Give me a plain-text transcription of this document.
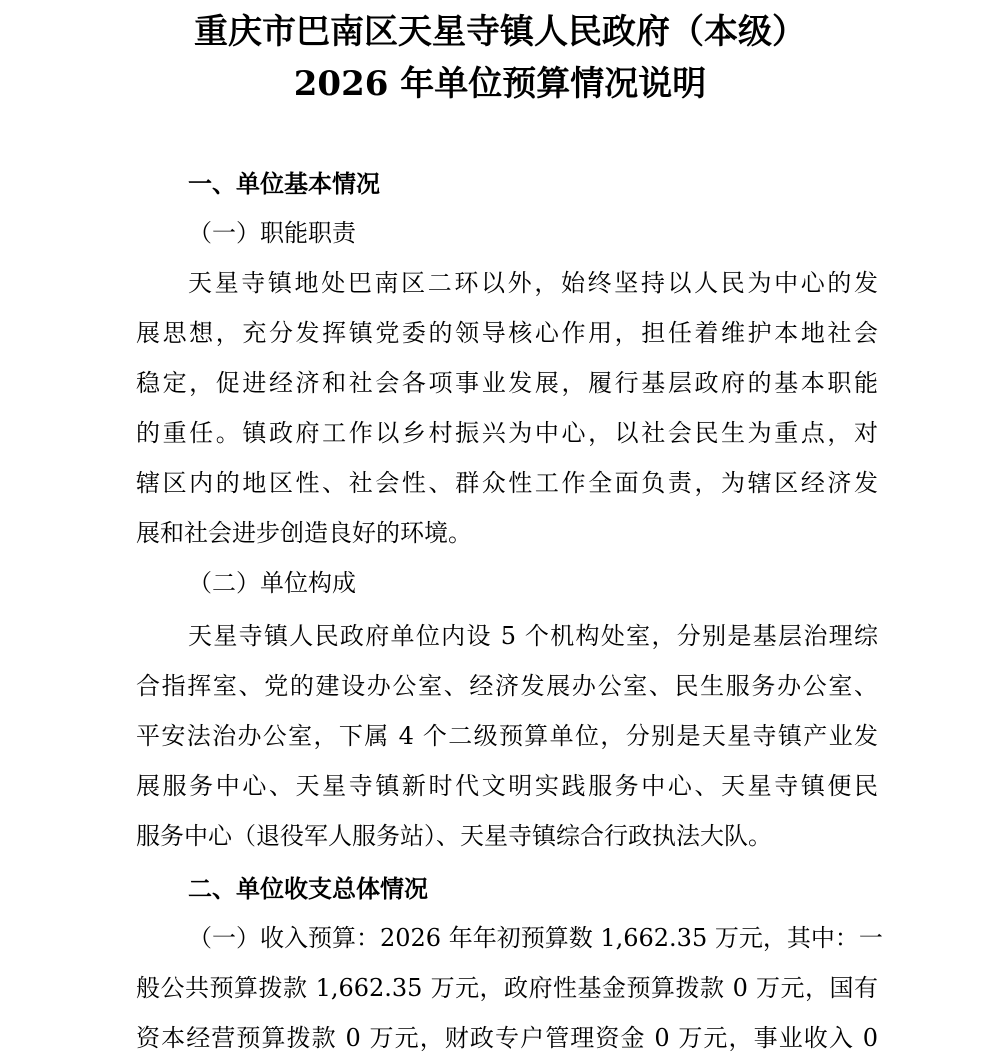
重庆市巴南区天星寺镇人民政府（本级）
2026 年单位预算情况说明
一、单位基本情况
（一）职能职责
天星寺镇地处巴南区二环以外，始终坚持以人民为中心的发
展思想，充分发挥镇党委的领导核心作用，担任着维护本地社会
稳定，促进经济和社会各项事业发展，履行基层政府的基本职能
的重任。镇政府工作以乡村振兴为中心，以社会民生为重点，对
辖区内的地区性、社会性、群众性工作全面负责，为辖区经济发
展和社会进步创造良好的环境。
（二）单位构成
天星寺镇人民政府单位内设 5 个机构处室，分别是基层治理综
合指挥室、党的建设办公室、经济发展办公室、民生服务办公室、
平安法治办公室，下属 4 个二级预算单位，分别是天星寺镇产业发
展服务中心、天星寺镇新时代文明实践服务中心、天星寺镇便民
服务中心（退役军人服务站）、天星寺镇综合行政执法大队。
二、单位收支总体情况
（一）收入预算：2026 年年初预算数 1,662.35 万元，其中：一
般公共预算拨款 1,662.35 万元，政府性基金预算拨款 0 万元，国有
资本经营预算拨款 0 万元，财政专户管理资金 0 万元，事业收入 0
